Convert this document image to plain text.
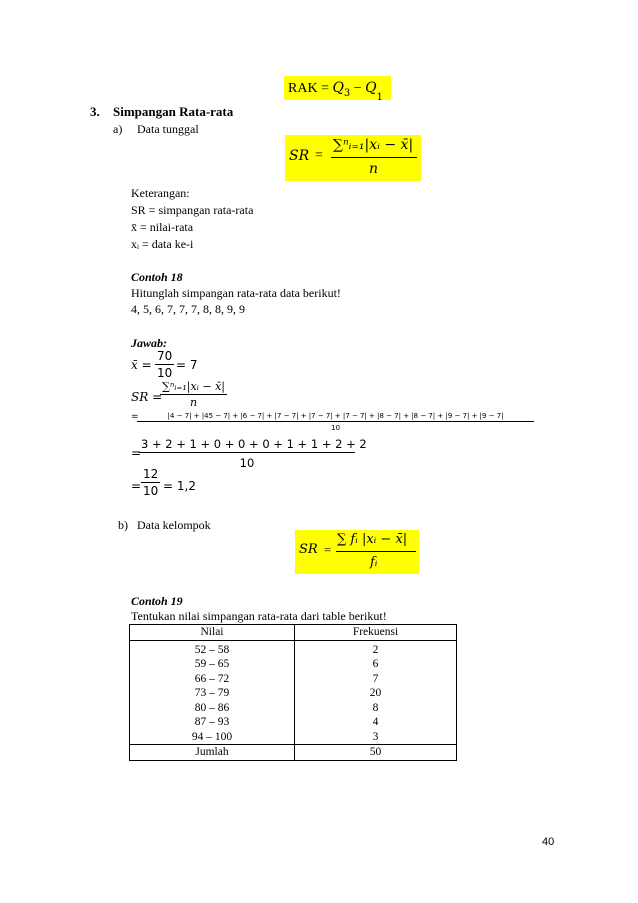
RAK = $Q_3 - Q_1$
3. Simpangan Rata-rata
a) Data tunggal
SR =
∑ⁿᵢ₌₁|xᵢ − x̄|
n
Keterangan:
SR = simpangan rata-rata
x̄ = nilai-rata
xᵢ = data ke-i
Contoh 18
Hitunglah simpangan rata-rata data berikut!
4, 5, 6, 7, 7, 7, 8, 8, 9, 9
Jawab:
x̄ = $\frac{70}{10} = 7$
SR =
$\frac{\text{∑ⁿᵢ₌₁|xᵢ − x̄|}}{n}$
=	|4 − 7| + |45 − 7| + |6 − 7| + |7 − 7| + |7 − 7| + |7 − 7| + |8 − 7| + |8 − 7| + |9 − 7| + |9 − 7|
10
= $\frac{3 + 2 + 1 + 0 + 0 + 0 + 1 + 1 + 2 + 2}{10}$
= $\frac{12}{10} = 1,2$
b) Data kelompok
SR =
∑ fᵢ |xᵢ − x̄|
fᵢ
Contoh 19
Tentukan nilai simpangan rata-rata dari table berikut!
Nilai	Frekuensi
52 – 58	2
59 – 65	6
66 – 72	7
73 – 79	20
80 – 86	8
87 – 93	4
94 – 100	3
Jumlah	50
40
